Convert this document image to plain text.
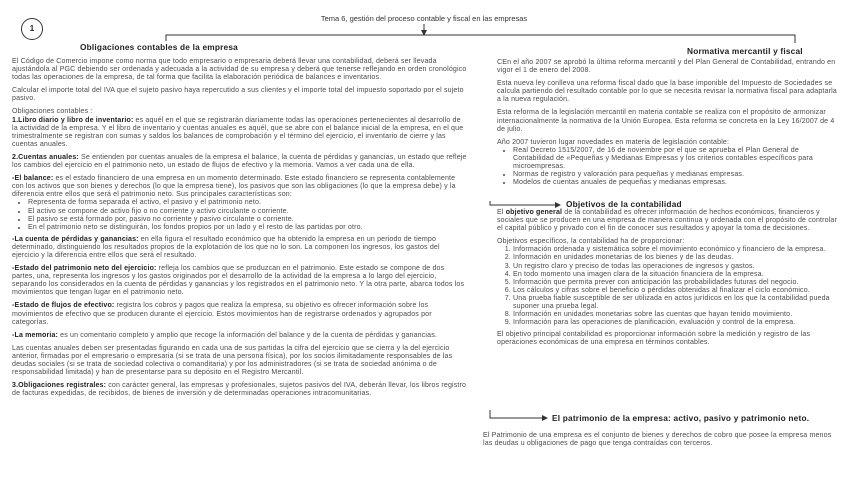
Tema 6, gestión del proceso contable y fiscal en las empresas
1
Obligaciones contables de la empresa	Normativa mercantil y fiscal

El Código de Comercio impone como norma que todo empresario o empresaria deberá llevar una contabilidad, deberá ser llevada ajustándola al PGC debiendo ser ordenada y adecuada a la actividad de su empresa y deberá que tenerse reflejando en orden cronológico todas las operaciones de la empresa, de tal forma que facilita la elaboración periódica de balances e inventarios.

Calcular el importe total del IVA que el sujeto pasivo haya repercutido a sus clientes y el importe total del impuesto soportado por el sujeto pasivo.

Obligaciones contables :

1.Libro diario y libro de inventario: es aquél en el que se registrarán diariamente todas las operaciones pertenecientes al desarrollo de la actividad de la empresa. Y el libro de inventario y cuentas anuales es aquél, que se abre con el balance inicial de la empresa, en el que trimestralmente se registran con sumas y saldos los balances de comprobación y el término del ejercicio, el inventario de cierre y las cuentas anuales.

2.Cuentas anuales: Se entienden por cuentas anuales de la empresa el balance, la cuenta de pérdidas y ganancias, un estado que refleje los cambios del ejercicio en el patrimonio neto, un estado de flujos de efectivo y la memoria. Vamos a ver cada una de ella.

-El balance: es el estado financiero de una empresa en un momento determinado. Este estado financiero se representa contablemente con los activos que son bienes y derechos (lo que la empresa tiene), los pasivos que son las obligaciones (lo que la empresa debe) y la diferencia entre ellos que será el patrimonio neto. Sus principales características son:

• Representa de forma separada el activo, el pasivo y el patrimonio neto.
• El activo se compone de activo fijo o no corriente y activo circulante o corriente.
• El pasivo se está formado por, pasivo no corriente y pasivo circulante o corriente.
• En el patrimonio neto se distinguirán, los fondos propios por un lado y el resto de las partidas por otro.

-La cuenta de pérdidas y ganancias: en ella figura el resultado económico que ha obtenido la empresa en un periodo de tiempo determinado, distinguiendo los resultados propios de la explotación de los que no lo son. La componen los ingresos, los gastos del ejercicio y la diferencia entre ellos que será el resultado.

-Estado del patrimonio neto del ejercicio: refleja los cambios que se produzcan en el patrimonio. Este estado se compone de dos partes, una, representa los ingresos y los gastos originados por el desarrollo de la actividad de la empresa a lo largo del ejercicio, separando los considerados en la cuenta de pérdidas y ganancias y los registrados en el patrimonio neto. Y la otra parte, abarca todos los movimientos que tengan lugar en el patrimonio neto.

-Estado de flujos de efectivo: registra los cobros y pagos que realiza la empresa, su objetivo es ofrecer información sobre los movimientos de efectivo que se producen durante el ejercicio. Estos movimientos han de registrarse ordenados y agrupados por categorías.

-La memoria: es un comentario completo y amplio que recoge la información del balance y de la cuenta de pérdidas y ganancias.

Las cuentas anuales deben ser presentadas figurando en cada una de sus partidas la cifra del ejercicio que se cierra y la del ejercicio anterior, firmadas por el empresario o empresaria (si se trata de una persona física), por los socios ilimitadamente responsables de las deudas sociales (si se trata de sociedad colectiva o comanditaria) y por los administradores (si se trata de sociedad anónima o de responsabilidad limitada) y han de presentarse para su depósito en el Registro Mercantil.

3.Obligaciones registrales: con carácter general, las empresas y profesionales, sujetos pasivos del IVA, deberán llevar, los libros registro de facturas expedidas, de recibidos, de bienes de inversión y de determinadas operaciones intracomunitarias.

CEn el año 2007 se aprobó la última reforma mercantil y del Plan General de Contabilidad, entrando en vigor el 1 de enero del 2008.

Esta nueva ley conlleva una reforma fiscal dado que la base imponible del Impuesto de Sociedades se calcula partiendo del resultado contable por lo que se necesita revisar la normativa fiscal para adaptarla a la nueva regulación.

Esta reforma de la legislación mercantil en materia contable se realiza con el propósito de armonizar internacionalmente la normativa de la Unión Europea. Esta reforma se concreta en la Ley 16/2007 de 4 de julio.

Año 2007 tuvieron lugar novedades en materia de legislación contable:

• Real Decreto 1515/2007, de 16 de noviembre por el que se aprueba el Plan General de Contabilidad de «Pequeñas y Medianas Empresas y los criterios contables específicos para microempresas.
• Normas de registro y valoración para pequeñas y medianas empresas.
• Modelos de cuentas anuales de pequeñas y medianas empresas.
Objetivos de la contabilidad

El objetivo general de la contabilidad es ofrecer información de hechos económicos, financieros y sociales que se producen en una empresa de manera continua y ordenada con el propósito de controlar el capital público y privado con el fin de conocer sus resultados y apoyar la toma de decisiones.

Objetivos específicos, la contabilidad ha de proporcionar:

1. Información ordenada y sistemática sobre el movimiento económico y financiero de la empresa.
2. Información en unidades monetarias de los bienes y de las deudas.
3. Un registro claro y preciso de todas las operaciones de ingresos y gastos.
4. En todo momento una imagen clara de la situación financiera de la empresa.
5. Información que permita prever con anticipación las probabilidades futuras del negocio.
6. Los cálculos y cifras sobre el beneficio o pérdidas obtenidas al finalizar el ciclo económico.
7. Una prueba fiable susceptible de ser utilizada en actos jurídicos en los que la contabilidad pueda suponer una prueba legal.
8. Información en unidades monetarias sobre las cuentas que hayan tenido movimiento.
9. Información para las operaciones de planificación, evaluación y control de la empresa.

El objetivo principal contabilidad es proporcionar información sobre la medición y registro de las operaciones económicas de una empresa en términos contables.

El patrimonio de la empresa: activo, pasivo y patrimonio neto.

El Patrimonio de una empresa es el conjunto de bienes y derechos de cobro que posee la empresa menos las deudas u obligaciones de pago que tenga contraídas con terceros.
